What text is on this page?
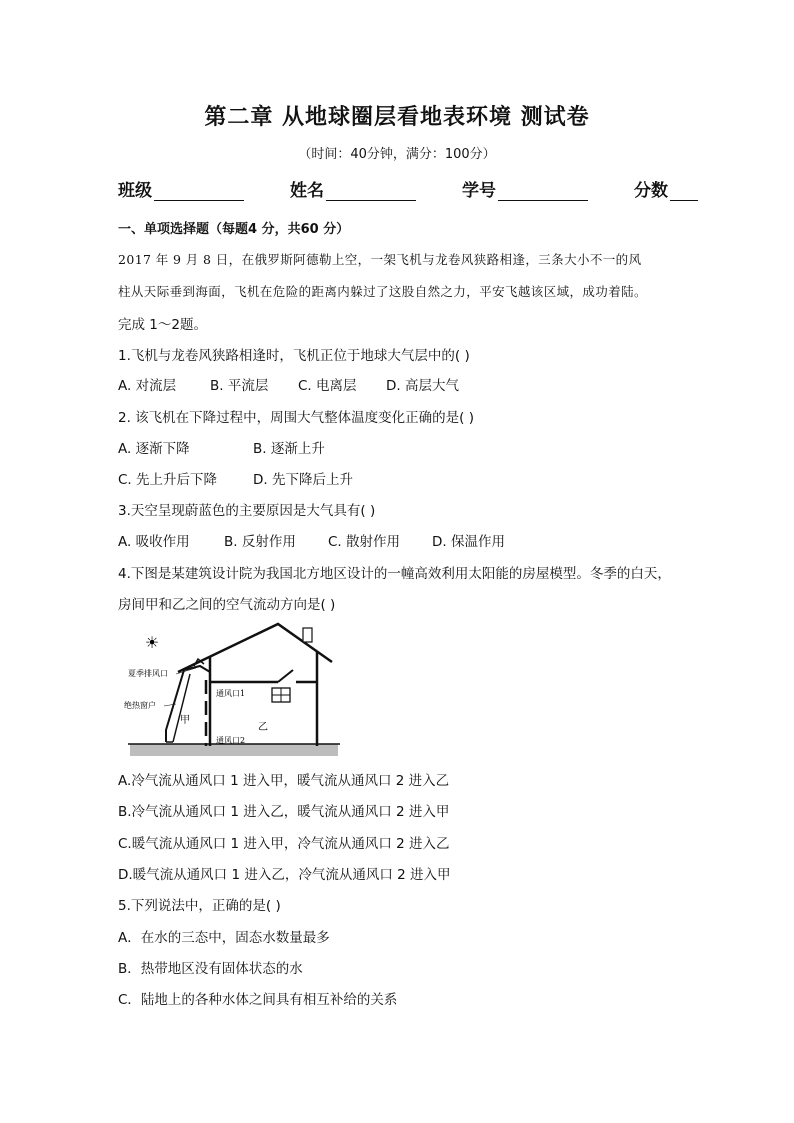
第二章 从地球圈层看地表环境 测试卷
（时间：40分钟，满分：100分）
班级	姓名	学号	分数
一、单项选择题（每题4 分，共60 分）
2017 年 9 月 8 日，在俄罗斯阿德勒上空，一架飞机与龙卷风狭路相逢，三条大小不一的风
柱从天际垂到海面，飞机在危险的距离内躲过了这股自然之力，平安飞越该区域，成功着陆。
完成 1～2题。
1.飞机与龙卷风狭路相逢时，飞机正位于地球大气层中的( )
A. 对流层	B. 平流层	C. 电离层	D. 高层大气
2. 该飞机在下降过程中，周围大气整体温度变化正确的是( )
A. 逐渐下降	B. 逐渐上升
C. 先上升后下降	D. 先下降后上升
3.天空呈现蔚蓝色的主要原因是大气具有( )
A. 吸收作用	B. 反射作用	C. 散射作用	D. 保温作用
4.下图是某建筑设计院为我国北方地区设计的一幢高效利用太阳能的房屋模型。冬季的白天，
房间甲和乙之间的空气流动方向是( )
☀
夏季排风口
绝热窗户
通风口1
通风口2
甲
乙
A.冷气流从通风口 1 进入甲，暖气流从通风口 2 进入乙
B.冷气流从通风口 1 进入乙，暖气流从通风口 2 进入甲
C.暖气流从通风口 1 进入甲，冷气流从通风口 2 进入乙
D.暖气流从通风口 1 进入乙，冷气流从通风口 2 进入甲
5.下列说法中，正确的是( )
A．在水的三态中，固态水数量最多
B．热带地区没有固体状态的水
C．陆地上的各种水体之间具有相互补给的关系
